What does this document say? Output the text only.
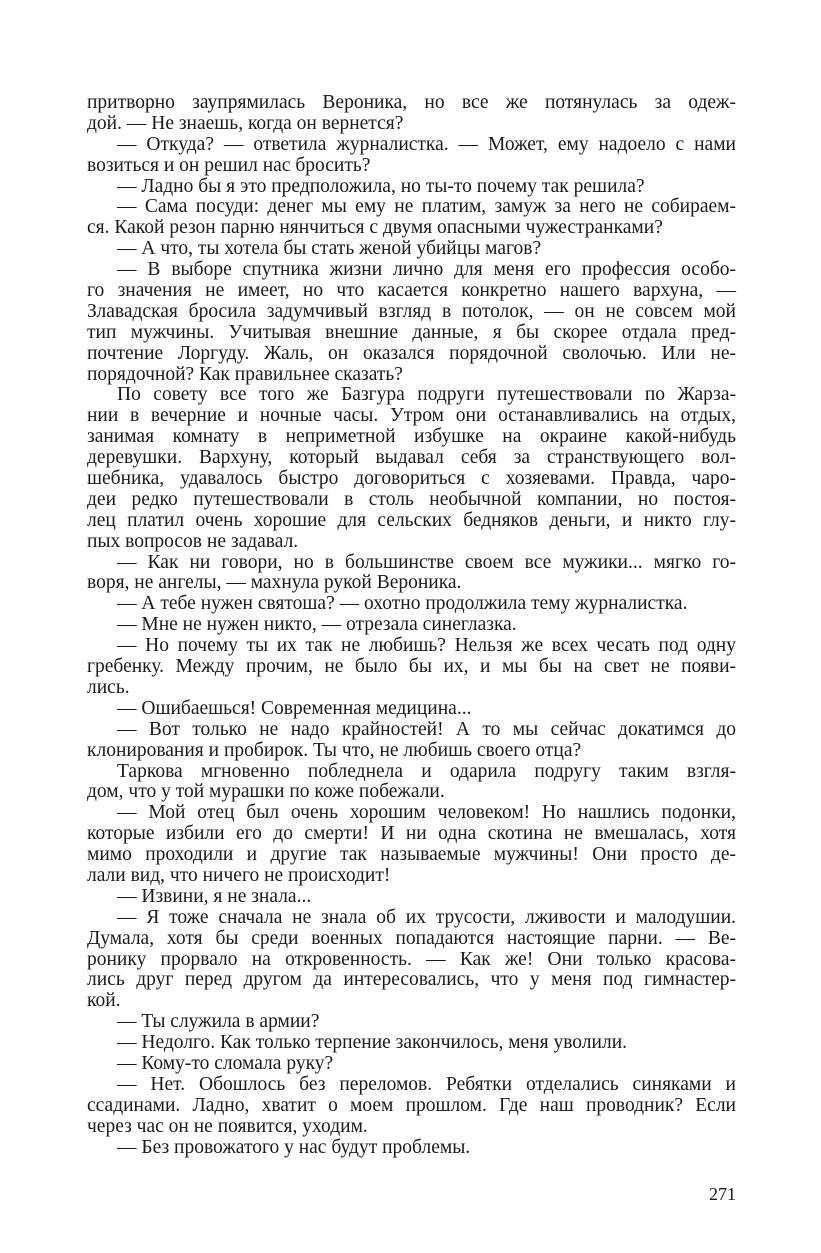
притворно заупрямилась Вероника, но все же потянулась за одеж-
дой. — Не знаешь, когда он вернется?
— Откуда? — ответила журналистка. — Может, ему надоело с нами
возиться и он решил нас бросить?
— Ладно бы я это предположила, но ты-то почему так решила?
— Сама посуди: денег мы ему не платим, замуж за него не собираем-
ся. Какой резон парню нянчиться с двумя опасными чужестранками?
— А что, ты хотела бы стать женой убийцы магов?
— В выборе спутника жизни лично для меня его профессия особо-
го значения не имеет, но что касается конкретно нашего вархуна, —
Злавадская бросила задумчивый взгляд в потолок, — он не совсем мой
тип мужчины. Учитывая внешние данные, я бы скорее отдала пред-
почтение Лоргуду. Жаль, он оказался порядочной сволочью. Или не-
порядочной? Как правильнее сказать?
По совету все того же Базгура подруги путешествовали по Жарза-
нии в вечерние и ночные часы. Утром они останавливались на отдых,
занимая комнату в неприметной избушке на окраине какой-нибудь
деревушки. Вархуну, который выдавал себя за странствующего вол-
шебника, удавалось быстро договориться с хозяевами. Правда, чаро-
деи редко путешествовали в столь необычной компании, но постоя-
лец платил очень хорошие для сельских бедняков деньги, и никто глу-
пых вопросов не задавал.
— Как ни говори, но в большинстве своем все мужики... мягко го-
воря, не ангелы, — махнула рукой Вероника.
— А тебе нужен святоша? — охотно продолжила тему журналистка.
— Мне не нужен никто, — отрезала синеглазка.
— Но почему ты их так не любишь? Нельзя же всех чесать под одну
гребенку. Между прочим, не было бы их, и мы бы на свет не появи-
лись.
— Ошибаешься! Современная медицина...
— Вот только не надо крайностей! А то мы сейчас докатимся до
клонирования и пробирок. Ты что, не любишь своего отца?
Таркова мгновенно побледнела и одарила подругу таким взгля-
дом, что у той мурашки по коже побежали.
— Мой отец был очень хорошим человеком! Но нашлись подонки,
которые избили его до смерти! И ни одна скотина не вмешалась, хотя
мимо проходили и другие так называемые мужчины! Они просто де-
лали вид, что ничего не происходит!
— Извини, я не знала...
— Я тоже сначала не знала об их трусости, лживости и малодушии.
Думала, хотя бы среди военных попадаются настоящие парни. — Ве-
ронику прорвало на откровенность. — Как же! Они только красова-
лись друг перед другом да интересовались, что у меня под гимнастер-
кой.
— Ты служила в армии?
— Недолго. Как только терпение закончилось, меня уволили.
— Кому-то сломала руку?
— Нет. Обошлось без переломов. Ребятки отделались синяками и
ссадинами. Ладно, хватит о моем прошлом. Где наш проводник? Если
через час он не появится, уходим.
— Без провожатого у нас будут проблемы.
271
